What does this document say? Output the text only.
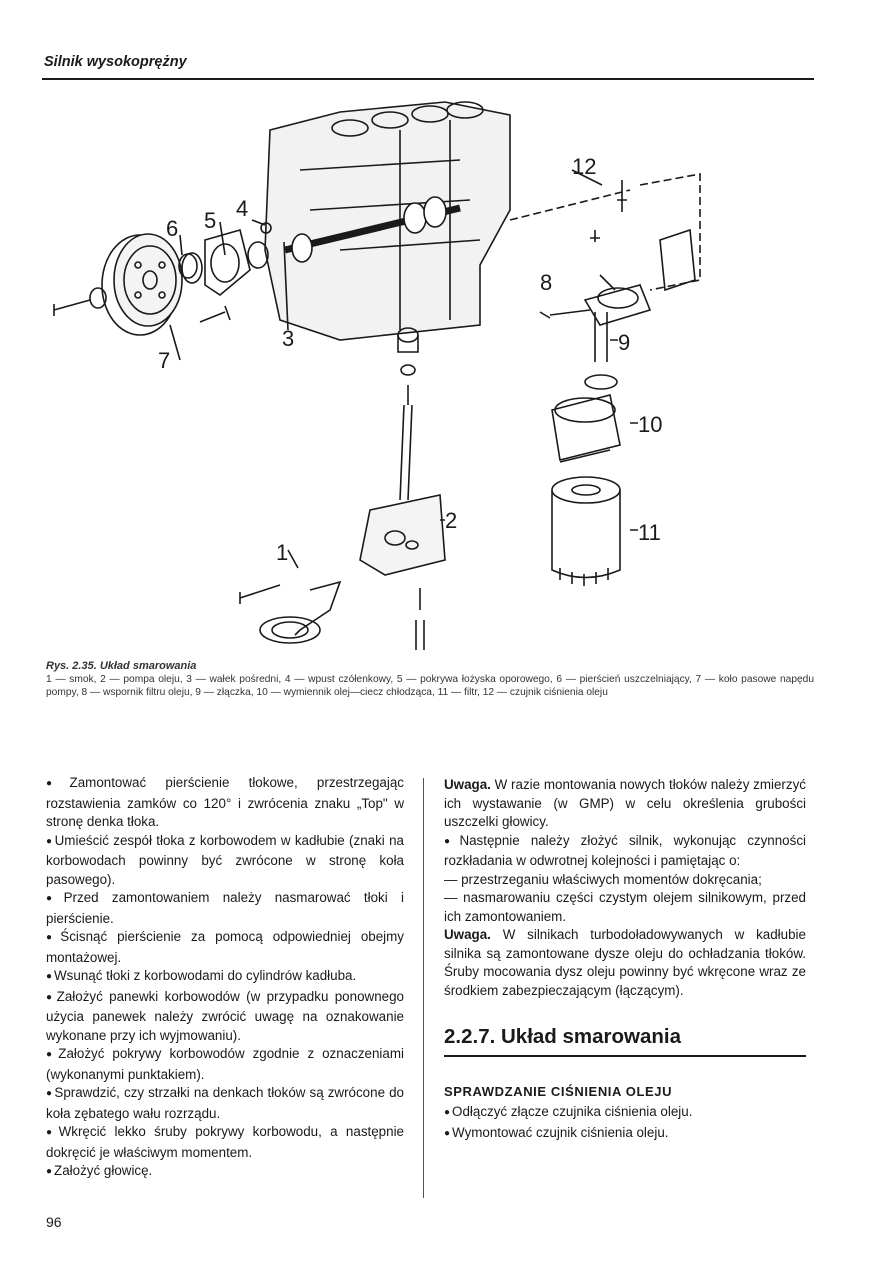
Silnik wysokoprężny
1
2
3
4
5
6
7
8
9
10
11
12
Rys. 2.35. Układ smarowania
1 — smok, 2 — pompa oleju, 3 — wałek pośredni, 4 — wpust czółenkowy, 5 — pokrywa łożyska oporowego, 6 — pierścień uszczelniający, 7 — koło pasowe napędu pompy, 8 — wspornik filtru oleju, 9 — złączka, 10 — wymiennik olej—ciecz chłodząca, 11 — filtr, 12 — czujnik ciśnienia oleju

● Zamontować pierścienie tłokowe, przestrzegając rozstawienia zamków co 120° i zwrócenia znaku „Top" w stronę denka tłoka.

● Umieścić zespół tłoka z korbowodem w kadłubie (znaki na korbowodach powinny być zwrócone w stronę koła pasowego).

● Przed zamontowaniem należy nasmarować tłoki i pierścienie.

● Ścisnąć pierścienie za pomocą odpowiedniej obejmy montażowej.

● Wsunąć tłoki z korbowodami do cylindrów kadłuba.

● Założyć panewki korbowodów (w przypadku ponownego użycia panewek należy zwrócić uwagę na oznakowanie wykonane przy ich wyjmowaniu).

● Założyć pokrywy korbowodów zgodnie z oznaczeniami (wykonanymi punktakiem).

● Sprawdzić, czy strzałki na denkach tłoków są zwrócone do koła zębatego wału rozrządu.

● Wkręcić lekko śruby pokrywy korbowodu, a następnie dokręcić je właściwym momentem.

● Założyć głowicę.

Uwaga. W razie montowania nowych tłoków należy zmierzyć ich wystawanie (w GMP) w celu określenia grubości uszczelki głowicy.

● Następnie należy złożyć silnik, wykonując czynności rozkładania w odwrotnej kolejności i pamiętając o:

— przestrzeganiu właściwych momentów dokręcania;

— nasmarowaniu części czystym olejem silnikowym, przed ich zamontowaniem.

Uwaga. W silnikach turbodoładowywanych w kadłubie silnika są zamontowane dysze oleju do ochładzania tłoków. Śruby mocowania dysz oleju powinny być wkręcone wraz ze środkiem zabezpieczającym (łączącym).

2.2.7. Układ smarowania
SPRAWDZANIE CIŚNIENIA OLEJU

● Odłączyć złącze czujnika ciśnienia oleju.

● Wymontować czujnik ciśnienia oleju.

96
